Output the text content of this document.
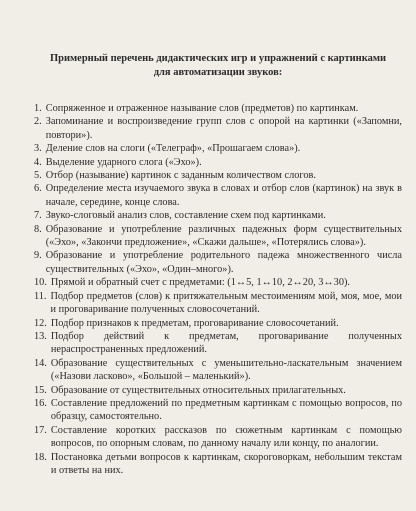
Примерный перечень дидактических игр и упражнений с картинками
для автоматизации звуков:
1. Сопряженное и отраженное называние слов (предметов) по картинкам.
2. Запоминание и воспроизведение групп слов с опорой на картинки («Запомни, повтори»).
3. Деление слов на слоги («Телеграф», «Прошагаем слова»).
4. Выделение ударного слога («Эхо»).
5. Отбор (называние) картинок с заданным количеством слогов.
6. Определение места изучаемого звука в словах и отбор слов (картинок) на звук в начале, середине, конце слова.
7. Звуко-слоговый анализ слов, составление схем под картинками.
8. Образование и употребление различных падежных форм существительных («Эхо», «Закончи предложение», «Скажи дальше», «Потерялись слова»).
9. Образование и употребление родительного падежа множественного числа существительных («Эхо», «Один–много»).
10. Прямой и обратный счет с предметами: (1↔5, 1↔10, 2↔20, 3↔30).
11. Подбор предметов (слов) к притяжательным местоимениям мой, моя, мое, мои и проговаривание полученных словосочетаний.
12. Подбор признаков к предметам, проговаривание словосочетаний.
13. Подбор действий к предметам, проговаривание полученных нераспространенных предложений.
14. Образование существительных с уменьшительно-ласкательным значением («Назови ласково», «Большой – маленький»).
15. Образование от существительных относительных прилагательных.
16. Составление предложений по предметным картинкам с помощью вопросов, по образцу, самостоятельно.
17. Составление коротких рассказов по сюжетным картинкам с помощью вопросов, по опорным словам, по данному началу или концу, по аналогии.
18. Постановка детьми вопросов к картинкам, скороговоркам, небольшим текстам и ответы на них.
